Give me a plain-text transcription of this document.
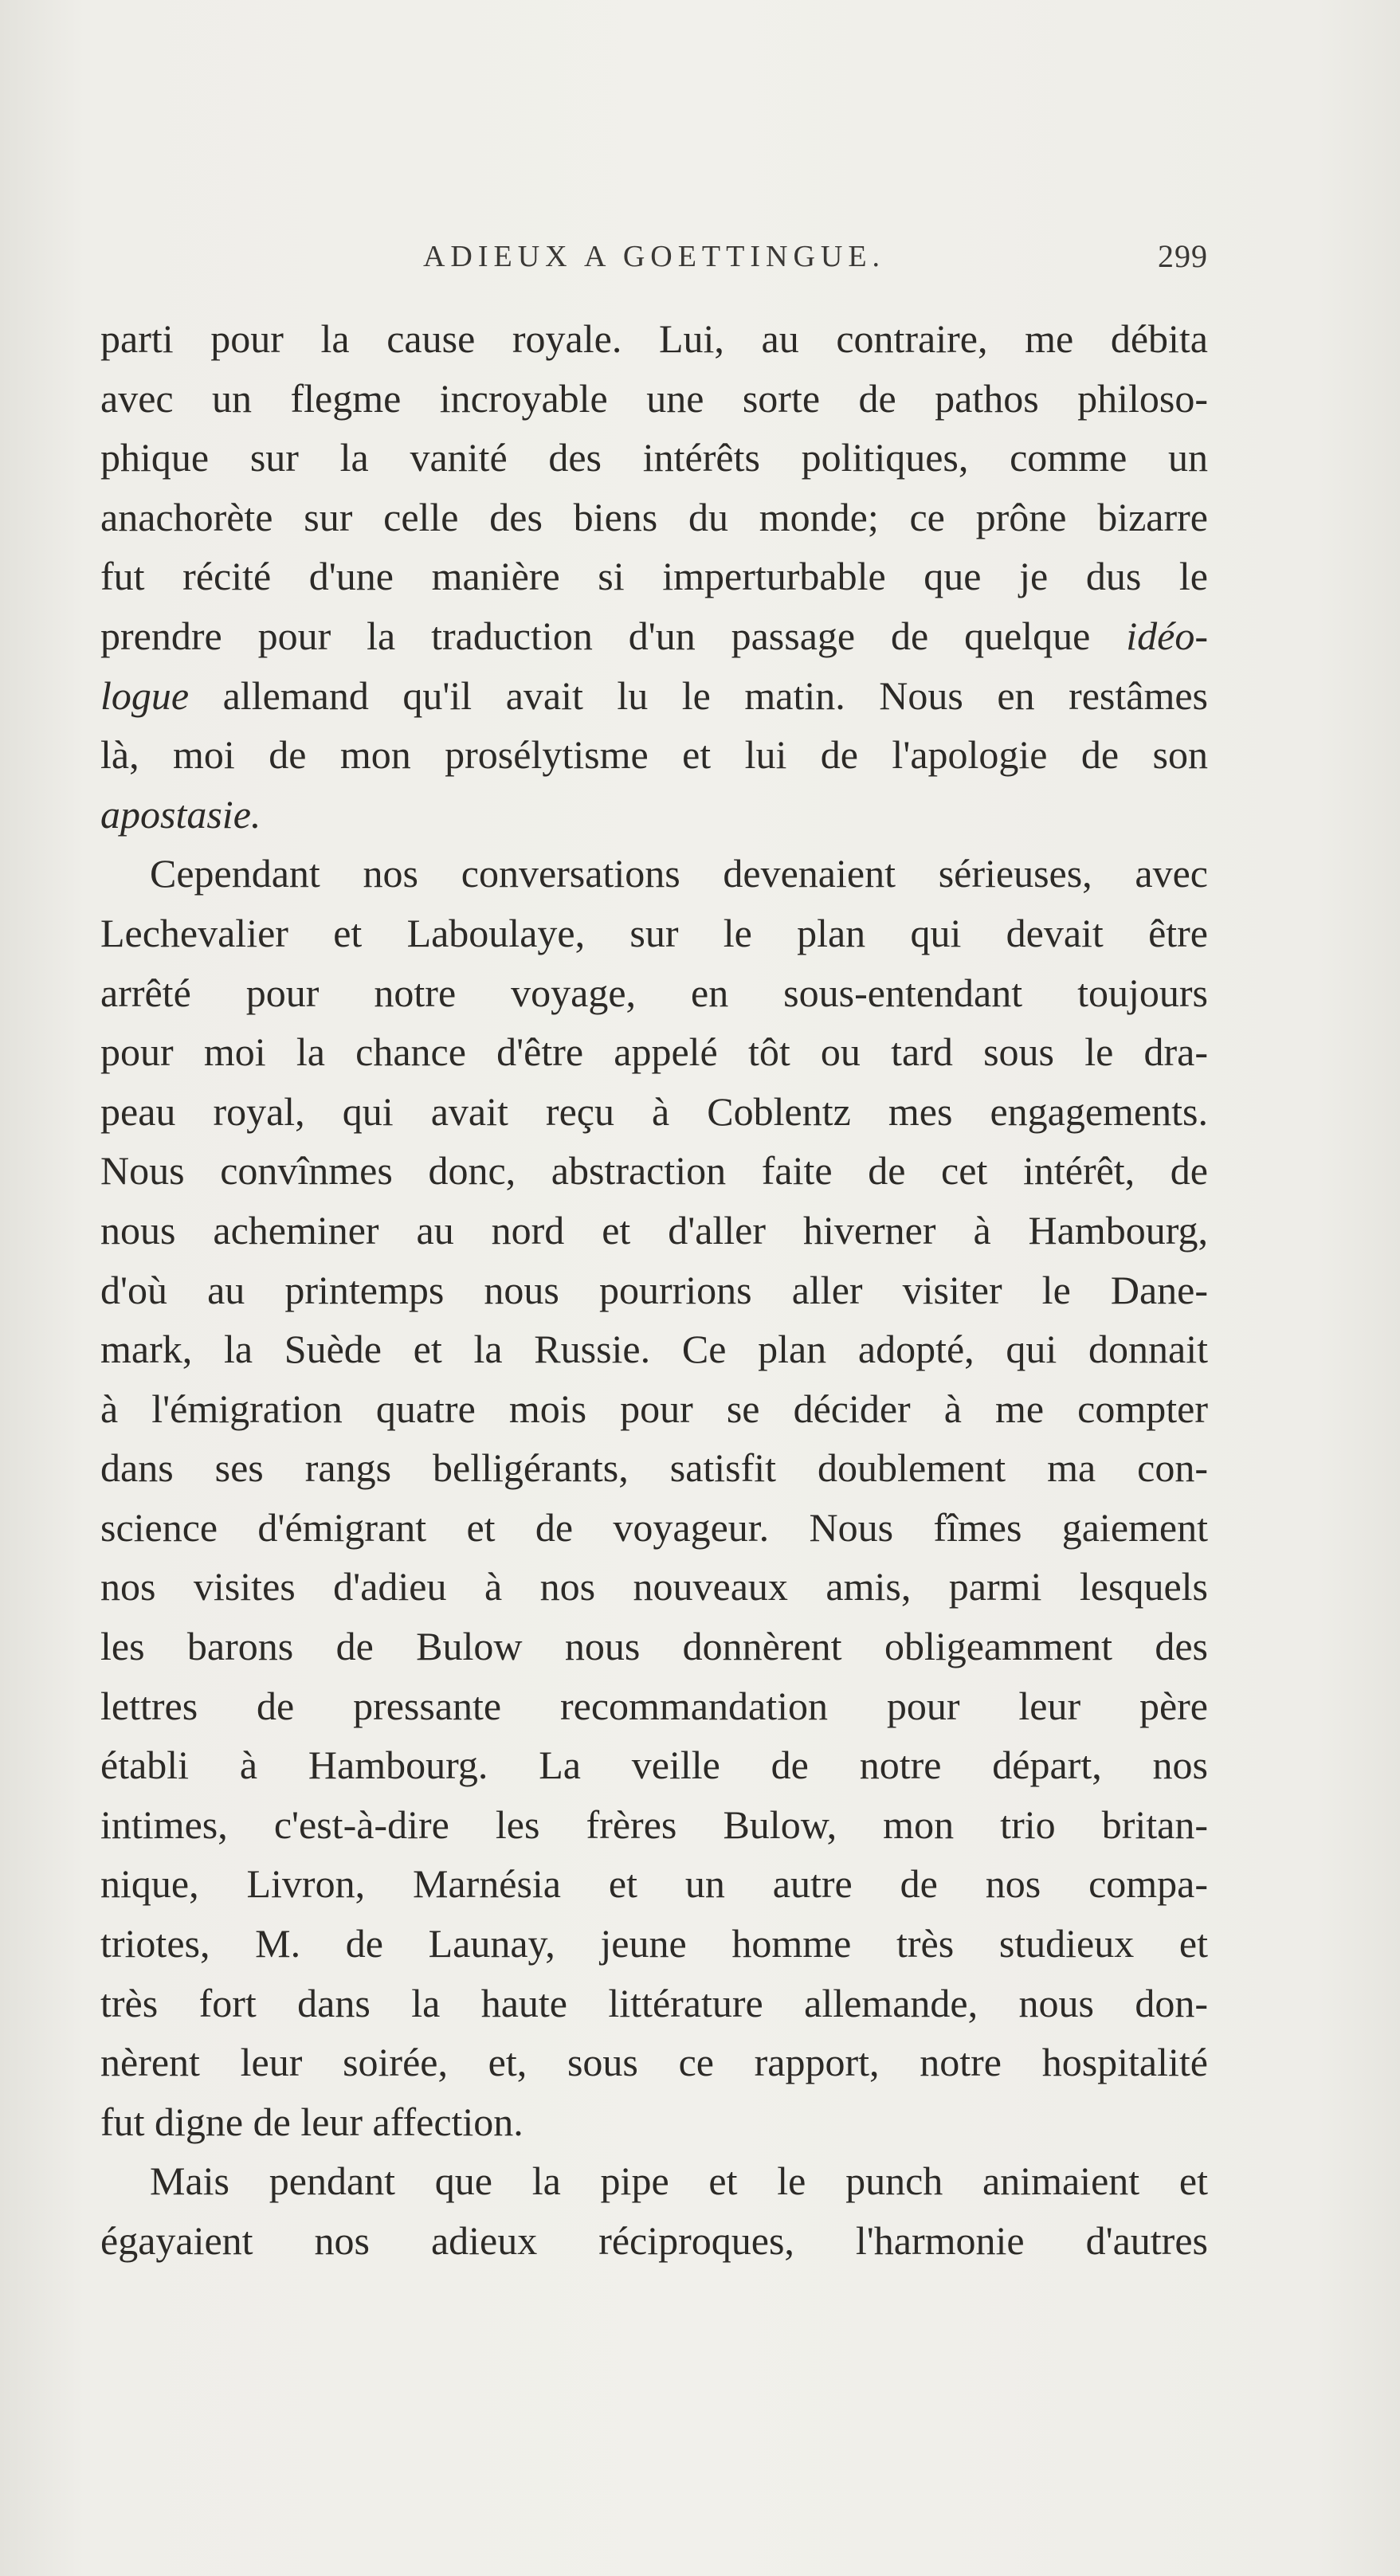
ADIEUX A GOETTINGUE.	299
parti pour la cause royale. Lui, au contraire, me débita
avec un flegme incroyable une sorte de pathos philoso-
phique sur la vanité des intérêts politiques, comme un
anachorète sur celle des biens du monde; ce prône bizarre
fut récité d'une manière si imperturbable que je dus le
prendre pour la traduction d'un passage de quelque idéo-
logue allemand qu'il avait lu le matin. Nous en restâmes
là, moi de mon prosélytisme et lui de l'apologie de son
apostasie.
Cependant nos conversations devenaient sérieuses, avec
Lechevalier et Laboulaye, sur le plan qui devait être
arrêté pour notre voyage, en sous-entendant toujours
pour moi la chance d'être appelé tôt ou tard sous le dra-
peau royal, qui avait reçu à Coblentz mes engagements.
Nous convînmes donc, abstraction faite de cet intérêt, de
nous acheminer au nord et d'aller hiverner à Hambourg,
d'où au printemps nous pourrions aller visiter le Dane-
mark, la Suède et la Russie. Ce plan adopté, qui donnait
à l'émigration quatre mois pour se décider à me compter
dans ses rangs belligérants, satisfit doublement ma con-
science d'émigrant et de voyageur. Nous fîmes gaiement
nos visites d'adieu à nos nouveaux amis, parmi lesquels
les barons de Bulow nous donnèrent obligeamment des
lettres de pressante recommandation pour leur père
établi à Hambourg. La veille de notre départ, nos
intimes, c'est-à-dire les frères Bulow, mon trio britan-
nique, Livron, Marnésia et un autre de nos compa-
triotes, M. de Launay, jeune homme très studieux et
très fort dans la haute littérature allemande, nous don-
nèrent leur soirée, et, sous ce rapport, notre hospitalité
fut digne de leur affection.
Mais pendant que la pipe et le punch animaient et
égayaient nos adieux réciproques, l'harmonie d'autres
